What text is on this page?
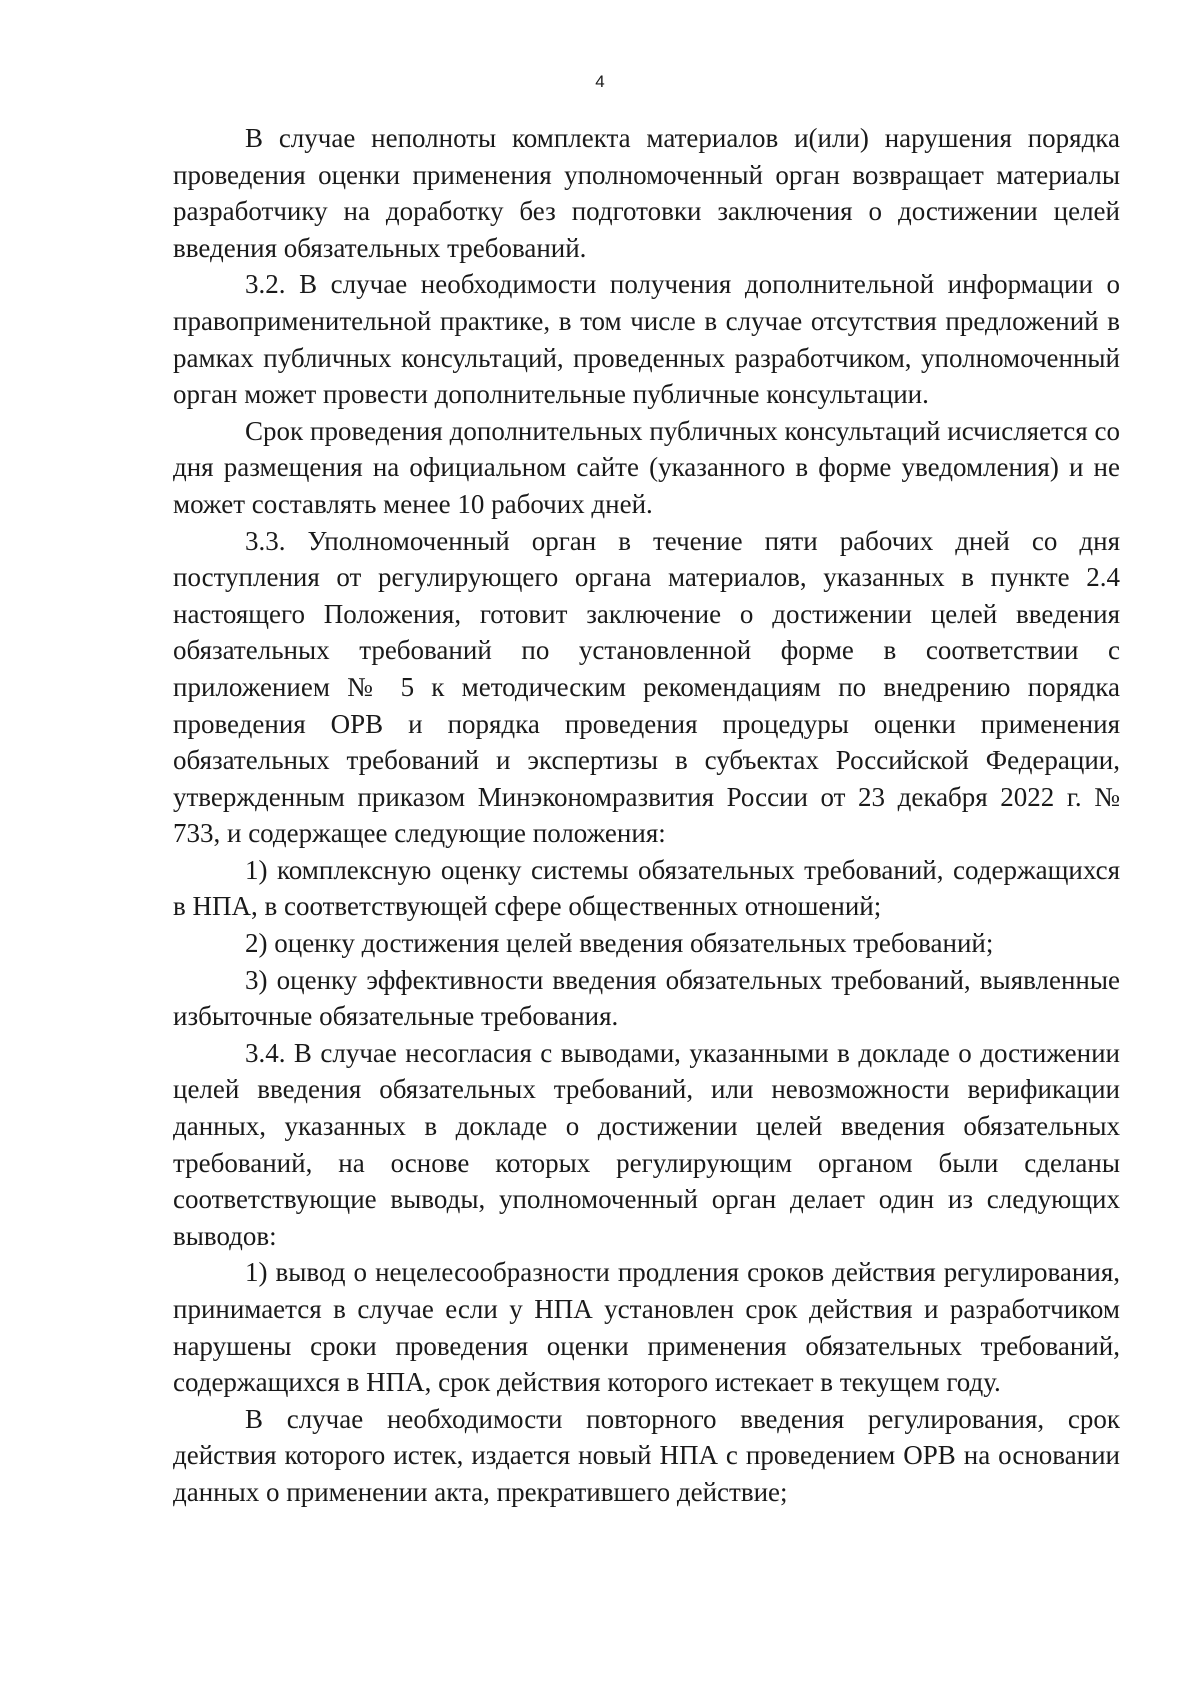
4

В случае неполноты комплекта материалов и(или) нарушения порядка проведения оценки применения уполномоченный орган возвращает материалы разработчику на доработку без подготовки заключения о достижении целей введения обязательных требований.

3.2. В случае необходимости получения дополнительной информации о правоприменительной практике, в том числе в случае отсутствия предложений в рамках публичных консультаций, проведенных разработчиком, уполномоченный орган может провести дополнительные публичные консультации.

Срок проведения дополнительных публичных консультаций исчисляется со дня размещения на официальном сайте (указанного в форме уведомления) и не может составлять менее 10 рабочих дней.

3.3. Уполномоченный орган в течение пяти рабочих дней со дня поступления от регулирующего органа материалов, указанных в пункте 2.4 настоящего Положения, готовит заключение о достижении целей введения обязательных требований по установленной форме в соответствии с приложением № 5 к методическим рекомендациям по внедрению порядка проведения ОРВ и порядка проведения процедуры оценки применения обязательных требований и экспертизы в субъектах Российской Федерации, утвержденным приказом Минэкономразвития России от 23 декабря 2022 г. № 733, и содержащее следующие положения:

1) комплексную оценку системы обязательных требований, содержащихся в НПА, в соответствующей сфере общественных отношений;

2) оценку достижения целей введения обязательных требований;

3) оценку эффективности введения обязательных требований, выявленные избыточные обязательные требования.

3.4. В случае несогласия с выводами, указанными в докладе о достижении целей введения обязательных требований, или невозможности верификации данных, указанных в докладе о достижении целей введения обязательных требований, на основе которых регулирующим органом были сделаны соответствующие выводы, уполномоченный орган делает один из следующих выводов:

1) вывод о нецелесообразности продления сроков действия регулирования, принимается в случае если у НПА установлен срок действия и разработчиком нарушены сроки проведения оценки применения обязательных требований, содержащихся в НПА, срок действия которого истекает в текущем году.

В случае необходимости повторного введения регулирования, срок действия которого истек, издается новый НПА с проведением ОРВ на основании данных о применении акта, прекратившего действие;
